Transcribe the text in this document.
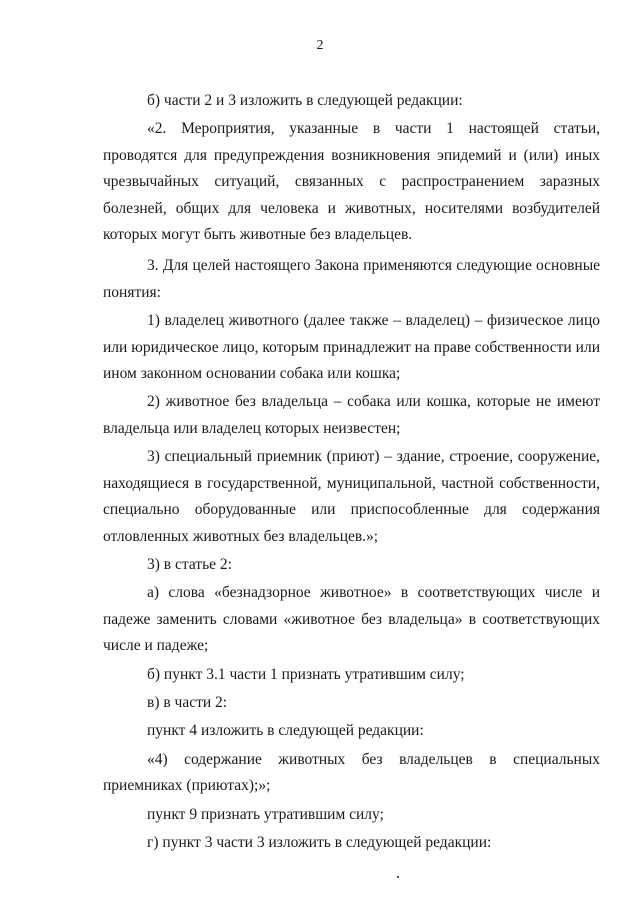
2

б) части 2 и 3 изложить в следующей редакции:

«2. Мероприятия, указанные в части 1 настоящей статьи, проводятся для предупреждения возникновения эпидемий и (или) иных чрезвычайных ситуаций, связанных с распространением заразных болезней, общих для человека и животных, носителями возбудителей которых могут быть животные без владельцев.

3. Для целей настоящего Закона применяются следующие основные понятия:

1) владелец животного (далее также – владелец) – физическое лицо или юридическое лицо, которым принадлежит на праве собственности или ином законном основании собака или кошка;

2) животное без владельца – собака или кошка, которые не имеют владельца или владелец которых неизвестен;

3) специальный приемник (приют) – здание, строение, сооружение, находящиеся в государственной, муниципальной, частной собственности, специально оборудованные или приспособленные для содержания отловленных животных без владельцев.»;

3) в статье 2:

а) слова «безнадзорное животное» в соответствующих числе и падеже заменить словами «животное без владельца» в соответствующих числе и падеже;

б) пункт 3.1 части 1 признать утратившим силу;

в) в части 2:

пункт 4 изложить в следующей редакции:

«4) содержание животных без владельцев в специальных приемниках (приютах);»;

пункт 9 признать утратившим силу;

г) пункт 3 части 3 изложить в следующей редакции:
